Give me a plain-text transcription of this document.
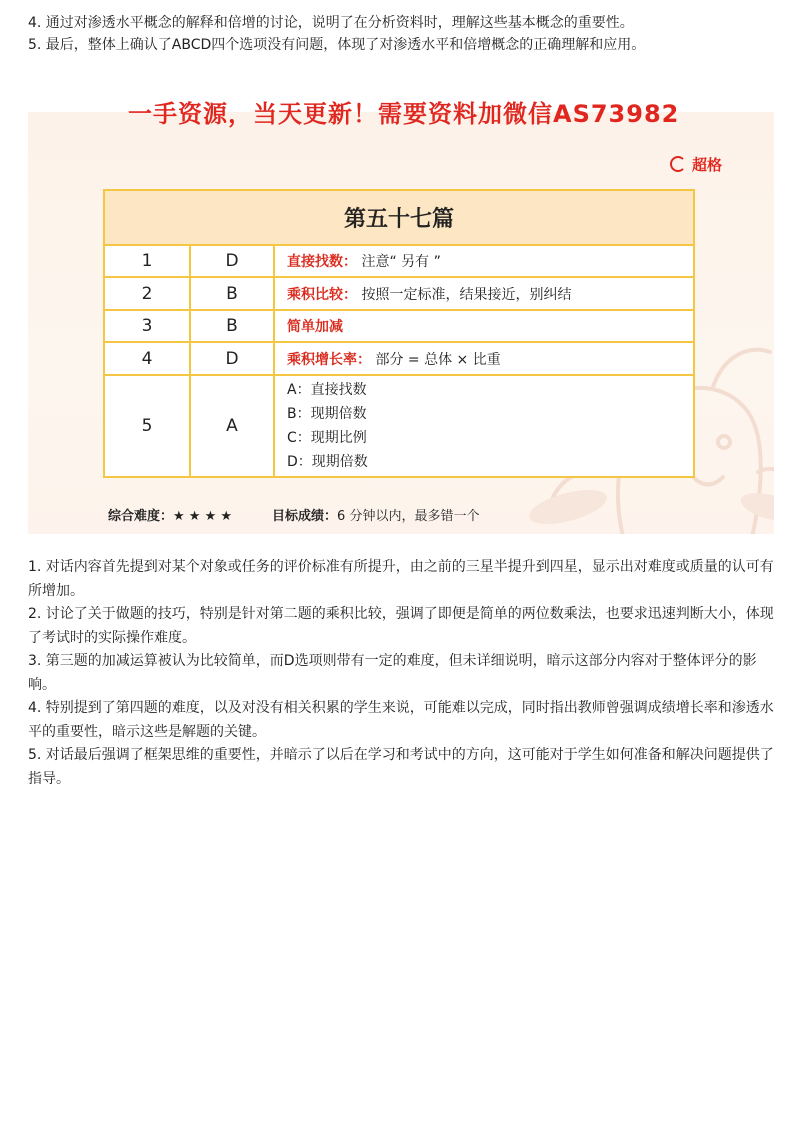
4. 通过对渗透水平概念的解释和倍增的讨论，说明了在分析资料时，理解这些基本概念的重要性。

5. 最后，整体上确认了ABCD四个选项没有问题，体现了对渗透水平和倍增概念的正确理解和应用。

超格
第五十七篇		
1	D	直接找数： 注意“ 另有 ”
2	B	乘积比较： 按照一定标准，结果接近，别纠结
3	B	简单加减
4	D	乘积增长率： 部分 = 总体 × 比重
5	A	A：直接找数
B：现期倍数
C：现期比例
D：现期倍数
综合难度：★ ★ ★ ★	目标成绩：6 分钟以内，最多错一个
一手资源，当天更新！需要资料加微信AS73982

1. 对话内容首先提到对某个对象或任务的评价标准有所提升，由之前的三星半提升到四星，显示出对难度或质量的认可有所增加。

2. 讨论了关于做题的技巧，特别是针对第二题的乘积比较，强调了即便是简单的两位数乘法，也要求迅速判断大小，体现了考试时的实际操作难度。

3. 第三题的加减运算被认为比较简单，而D选项则带有一定的难度，但未详细说明，暗示这部分内容对于整体评分的影响。

4. 特别提到了第四题的难度，以及对没有相关积累的学生来说，可能难以完成，同时指出教师曾强调成绩增长率和渗透水平的重要性，暗示这些是解题的关键。

5. 对话最后强调了框架思维的重要性，并暗示了以后在学习和考试中的方向，这可能对于学生如何准备和解决问题提供了指导。
